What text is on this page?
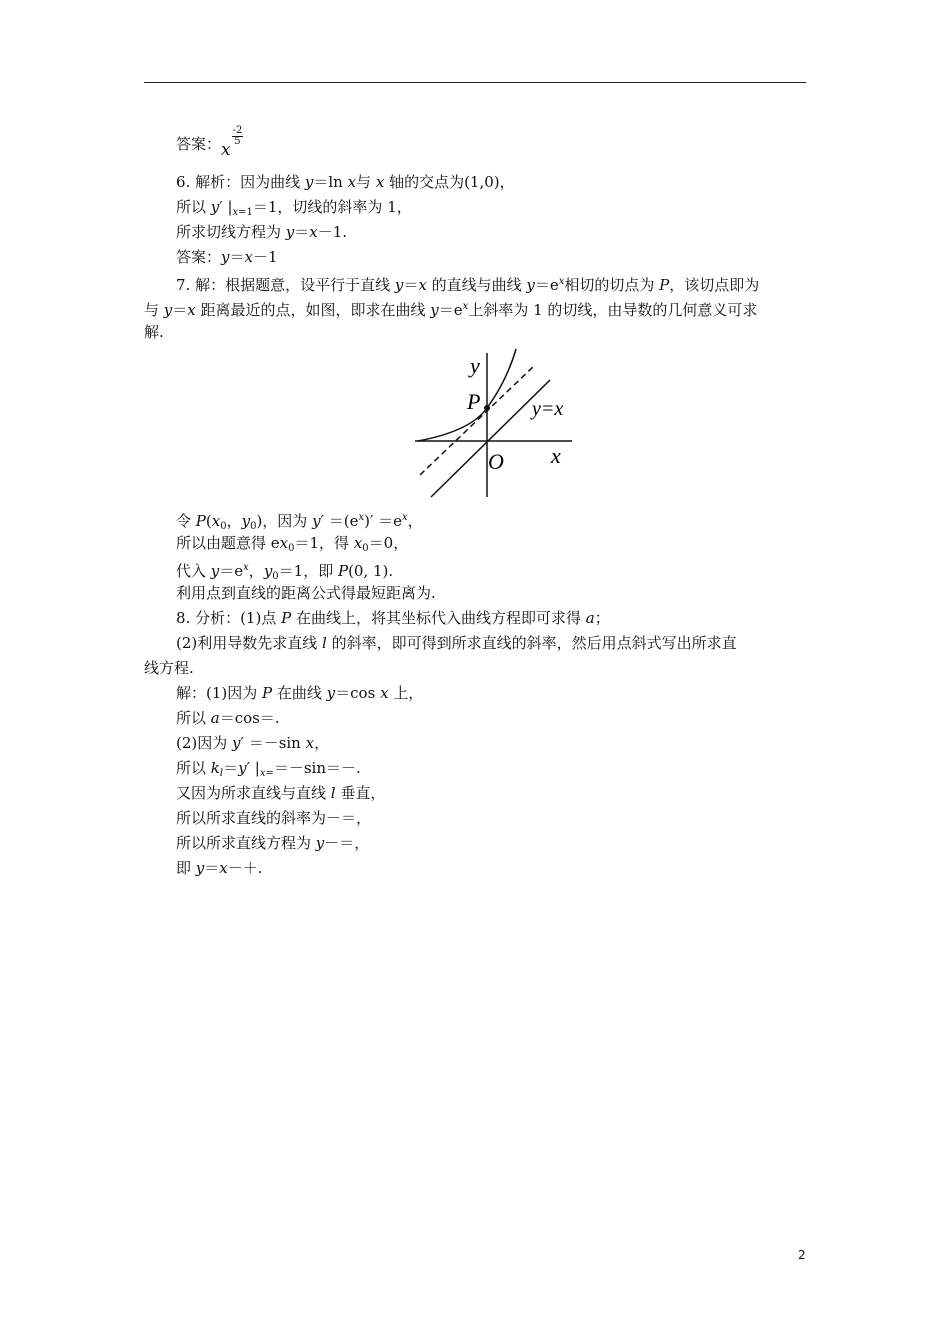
答案：x
$\frac{-2}{5}$
6. 解析：因为曲线 y＝ln x与 x 轴的交点为(1,0)，
所以 y′ $|_{x=1}=1$，切线的斜率为 1，
所求切线方程为 y＝x－1.
答案：y＝x－1
7. 解：根据题意，设平行于直线 y＝x 的直线与曲线 $y=e^x$相切的切点为 P，该切点即为
与 y＝x 距离最近的点，如图，即求在曲线 $y=e^x$上斜率为 1 的切线，由导数的几何意义可求
解.
y
x
O
P	y=x
令 $P(x_0$，$y_0$)，因为 $y' =(e^x)' =e^x$，
所以由题意得 $ex_0=1$，得 $x_0=0$，
代入 $y=e^x$，$y_0=1$，即 P(0, 1).
利用点到直线的距离公式得最短距离为.
8. 分析：(1)点 P 在曲线上，将其坐标代入曲线方程即可求得 a；
(2)利用导数先求直线 l 的斜率，即可得到所求直线的斜率，然后用点斜式写出所求直
线方程.
解：(1)因为 P 在曲线 y＝cos x 上，
所以 a＝cos＝.
(2)因为 y′ ＝－sin x，
所以 $k_l=y'$ $|_{x=}=-\sin=-$.
又因为所求直线与直线 l 垂直，
所以所求直线的斜率为－＝，
所以所求直线方程为 y－＝，
即 y＝x－＋.
2
